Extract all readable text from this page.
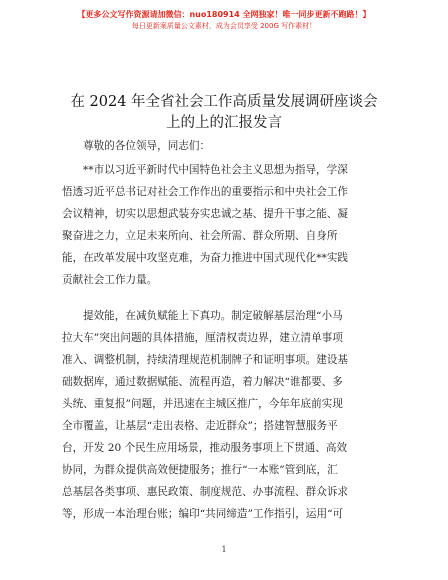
【更多公文写作资源请加微信：nuo180914 全网独家！唯一同步更新不跑路！】
每日更新案质量公文素材，成为会员享受 200G 写作素材！
在 2024 年全省社会工作高质量发展调研座谈会
上的上的汇报发言
尊敬的各位领导，同志们：
**市以习近平新时代中国特色社会主义思想为指导，学深
悟透习近平总书记对社会工作作出的重要指示和中央社会工作
会议精神，切实以思想武装夯实忠诚之基、提升干事之能、凝
聚奋进之力，立足未来所向、社会所需、群众所期、自身所
能，在改革发展中攻坚克难，为奋力推进中国式现代化**实践
贡献社会工作力量。
提效能，在减负赋能上下真功。制定破解基层治理“小马
拉大车”突出问题的具体措施，厘清权责边界，建立清单事项
准入、调整机制，持续清理规范机制牌子和证明事项。建设基
础数据库，通过数据赋能、流程再造，着力解决“谁都要、多
头统、重复报”问题，并迅速在主城区推广，今年年底前实现
全市覆盖，让基层“走出表格、走近群众”；搭建智慧服务平
台，开发 20 个民生应用场景，推动服务事项上下贯通、高效
协同，为群众提供高效便捷服务；推行“一本账”管到底，汇
总基层各类事项、惠民政策、制度规范、办事流程、群众诉求
等，形成一本治理台账；编印“共同缔造”工作指引，运用“可
1
